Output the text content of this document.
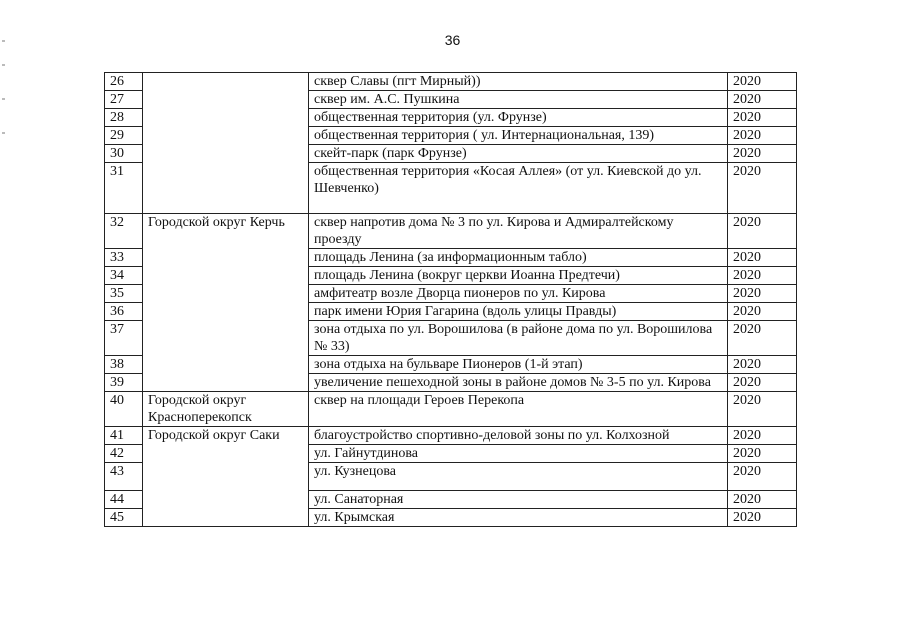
36
26		сквер Славы (пгт Мирный))	2020
27		сквер им. А.С. Пушкина	2020
28		общественная территория (ул. Фрунзе)	2020
29		общественная территория ( ул. Интернациональная, 139)	2020
30		скейт-парк (парк Фрунзе)	2020
31		общественная территория «Косая Аллея» (от ул. Киевской до ул. Шевченко)	2020
32	Городской округ Керчь	сквер напротив дома № 3 по ул. Кирова и Адмиралтейскому проезду	2020
33		площадь Ленина (за информационным табло)	2020
34		площадь Ленина (вокруг церкви Иоанна Предтечи)	2020
35		амфитеатр возле Дворца пионеров по ул. Кирова	2020
36		парк имени Юрия Гагарина (вдоль улицы Правды)	2020
37		зона отдыха по ул. Ворошилова (в районе дома по ул. Ворошилова № 33)	2020
38		зона отдыха на бульваре Пионеров (1-й этап)	2020
39		увеличение пешеходной зоны в районе домов № 3-5 по ул. Кирова	2020
40	Городской округ Красноперекопск	сквер на площади Героев Перекопа	2020
41	Городской округ Саки	благоустройство спортивно-деловой зоны по ул. Колхозной	2020
42		ул. Гайнутдинова	2020
43		ул. Кузнецова	2020
44		ул. Санаторная	2020
45		ул. Крымская	2020
